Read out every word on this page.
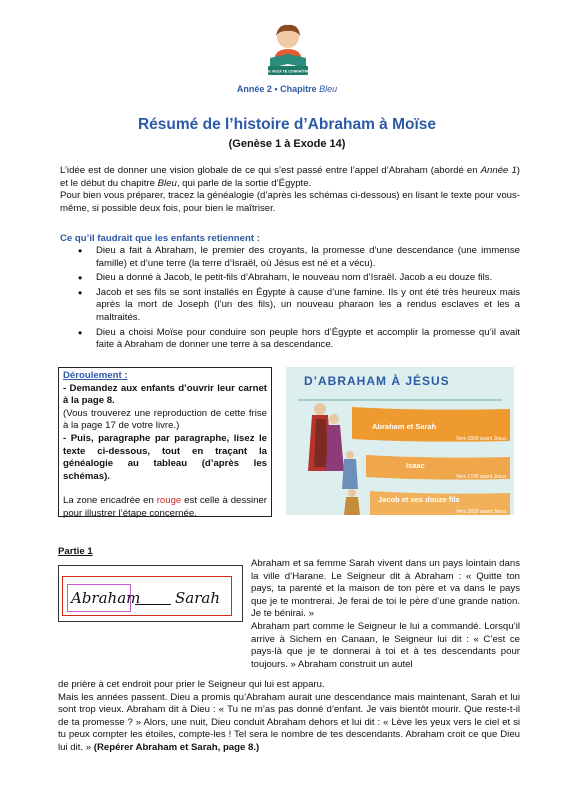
JE VEUX TE CONNAÎTRE
Année 2 • Chapitre Bleu
Résumé de l’histoire d’Abraham à Moïse
(Genèse 1 à Exode 14)

L’idée est de donner une vision globale de ce qui s’est passé entre l’appel d’Abraham (abordé en Année 1) et le début du chapitre Bleu, qui parle de la sortie d’Égypte.

Pour bien vous préparer, tracez la généalogie (d’après les schémas ci-dessous) en lisant le texte pour vous-même, si possible deux fois, pour bien le maîtriser.

Ce qu’il faudrait que les enfants retiennent :
• Dieu a fait à Abraham, le premier des croyants, la promesse d’une descendance (une immense famille) et d’une terre (la terre d’Israël, où Jésus est né et a vécu).
• Dieu a donné à Jacob, le petit-fils d’Abraham, le nouveau nom d’Israël. Jacob a eu douze fils.
• Jacob et ses fils se sont installés en Égypte à cause d’une famine. Ils y ont été très heureux mais après la mort de Joseph (l’un des fils), un nouveau pharaon les a rendus esclaves et les a maltraités.
• Dieu a choisi Moïse pour conduire son peuple hors d’Égypte et accomplir la promesse qu’il avait faite à Abraham de donner une terre à sa descendance.

Déroulement :

- Demandez aux enfants d’ouvrir leur carnet à la page 8.

(Vous trouverez une reproduction de cette frise à la page 17 de votre livre.)

- Puis, paragraphe par paragraphe, lisez le texte ci-dessous, tout en traçant la généalogie au tableau (d’après les schémas).

La zone encadrée en rouge est celle à dessiner pour illustrer l’étape concernée.

D’ABRAHAM À JÉSUS
Abraham et Sarah
Vers 1800 avant Jésus
Isaac
Vers 1700 avant Jésus
Jacob et ses douze fils
Vers 1650 avant Jésus
Partie 1
Abraham Sarah

Abraham et sa femme Sarah vivent dans un pays lointain dans la ville d’Harane. Le Seigneur dit à Abraham : « Quitte ton pays, ta parenté et la maison de ton père et va dans le pays que je te montrerai. Je ferai de toi le père d’une grande nation. Je te bénirai. »

Abraham part comme le Seigneur le lui a commandé. Lorsqu’il arrive à Sichem en Canaan, le Seigneur lui dit : « C’est ce pays-là que je te donnerai à toi et à tes descendants pour toujours. » Abraham construit un autel

de prière à cet endroit pour prier le Seigneur qui lui est apparu.

Mais les années passent. Dieu a promis qu’Abraham aurait une descendance mais maintenant, Sarah et lui sont trop vieux. Abraham dit à Dieu : « Tu ne m’as pas donné d’enfant. Je vais bientôt mourir. Que reste-t-il de ta promesse ? » Alors, une nuit, Dieu conduit Abraham dehors et lui dit : « Lève les yeux vers le ciel et si tu peux compter les étoiles, compte-les ! Tel sera le nombre de tes descendants. Abraham croit ce que Dieu lui dit. » (Repérer Abraham et Sarah, page 8.)
